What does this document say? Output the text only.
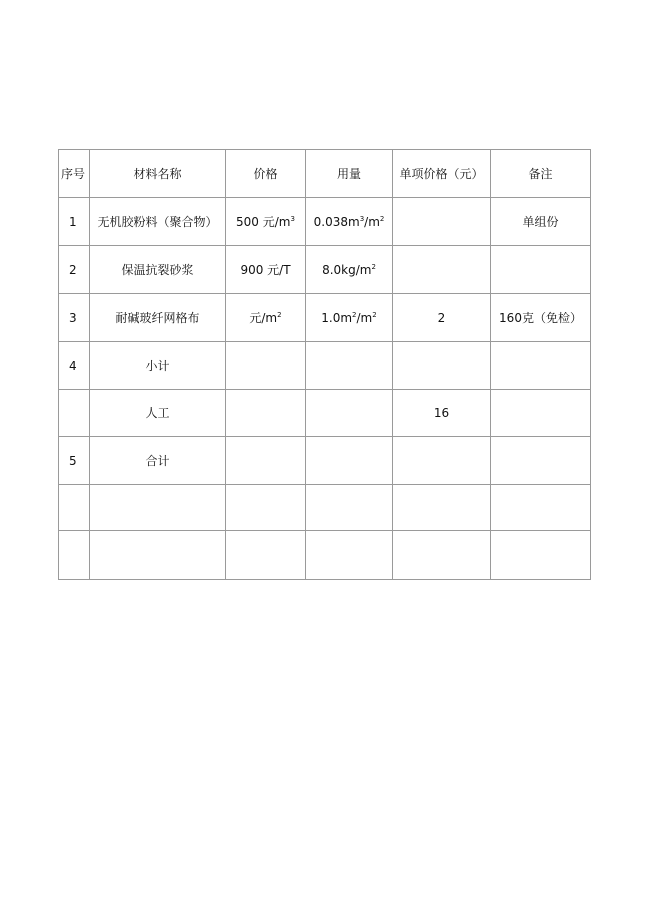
序号	材料名称	价格	用量	单项价格（元）	备注
1	无机胶粉料（聚合物）	500 元$/m^3$	$0.038m^3/m^2$		单组份
2	保温抗裂砂浆	900 元/T	$8.0kg/m^2$		
3	耐碱玻纤网格布	元$/m^2$	$1.0m^2/m^2$	2	160克（免检）
4	小计				
	人工			16	
5	合计				
